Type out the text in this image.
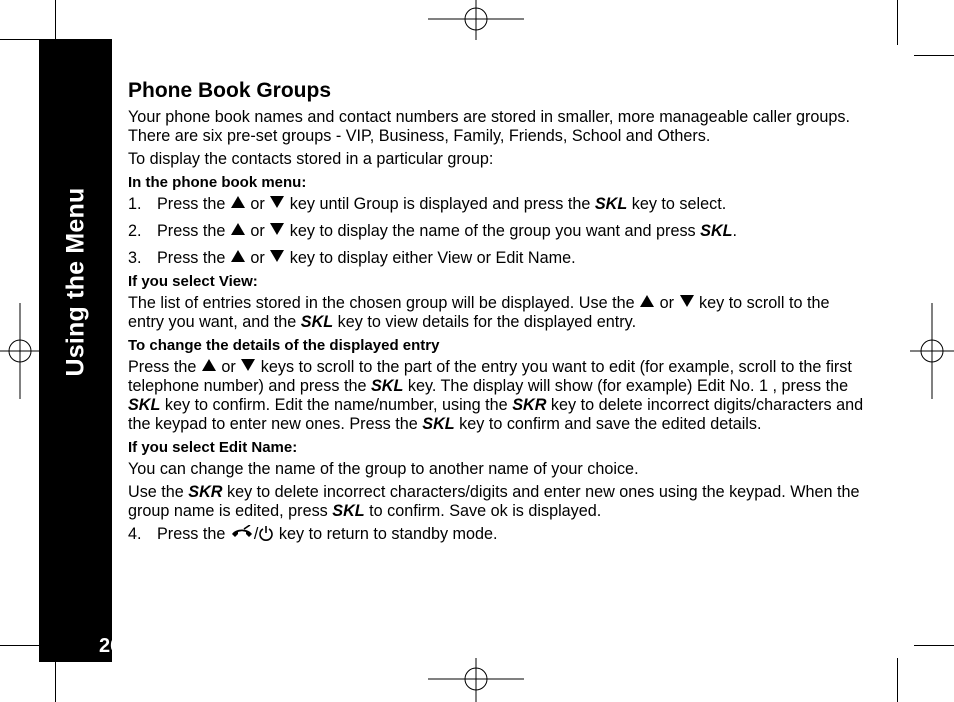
Using the Menu
26
Phone Book Groups

Your phone book names and contact numbers are stored in smaller, more manageable caller groups. There are six pre-set groups - VIP, Business, Family, Friends, School and Others.

To display the contacts stored in a particular group:

In the phone book menu:
1. Press the or key until Group is displayed and press the SKL key to select.
2. Press the or key to display the name of the group you want and press SKL.
3. Press the or key to display either View or Edit Name.
If you select View:

The list of entries stored in the chosen group will be displayed. Use the or key to scroll to the entry you want, and the SKL key to view details for the displayed entry.

To change the details of the displayed entry

Press the or keys to scroll to the part of the entry you want to edit (for example, scroll to the first telephone number) and press the SKL key. The display will show (for example) Edit No. 1 , press the SKL key to confirm. Edit the name/number, using the SKR key to delete incorrect digits/characters and the keypad to enter new ones. Press the SKL key to confirm and save the edited details.

If you select Edit Name:

You can change the name of the group to another name of your choice.

Use the SKR key to delete incorrect characters/digits and enter new ones using the keypad. When the group name is edited, press SKL to confirm. Save ok is displayed.

4. Press the / key to return to standby mode.
